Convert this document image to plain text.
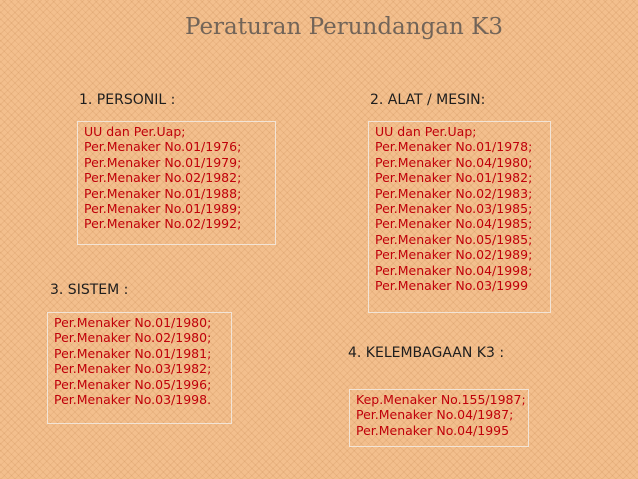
Peraturan Perundangan K3
1. PERSONIL :
UU dan Per.Uap;
Per.Menaker No.01/1976;
Per.Menaker No.01/1979;
Per.Menaker No.02/1982;
Per.Menaker No.01/1988;
Per.Menaker No.01/1989;
Per.Menaker No.02/1992;
2. ALAT / MESIN:
UU dan Per.Uap;
Per.Menaker No.01/1978;
Per.Menaker No.04/1980;
Per.Menaker No.01/1982;
Per.Menaker No.02/1983;
Per.Menaker No.03/1985;
Per.Menaker No.04/1985;
Per.Menaker No.05/1985;
Per.Menaker No.02/1989;
Per.Menaker No.04/1998;
Per.Menaker No.03/1999
3. SISTEM :
Per.Menaker No.01/1980;
Per.Menaker No.02/1980;
Per.Menaker No.01/1981;
Per.Menaker No.03/1982;
Per.Menaker No.05/1996;
Per.Menaker No.03/1998.
4. KELEMBAGAAN K3 :
Kep.Menaker No.155/1987;
Per.Menaker No.04/1987;
Per.Menaker No.04/1995
